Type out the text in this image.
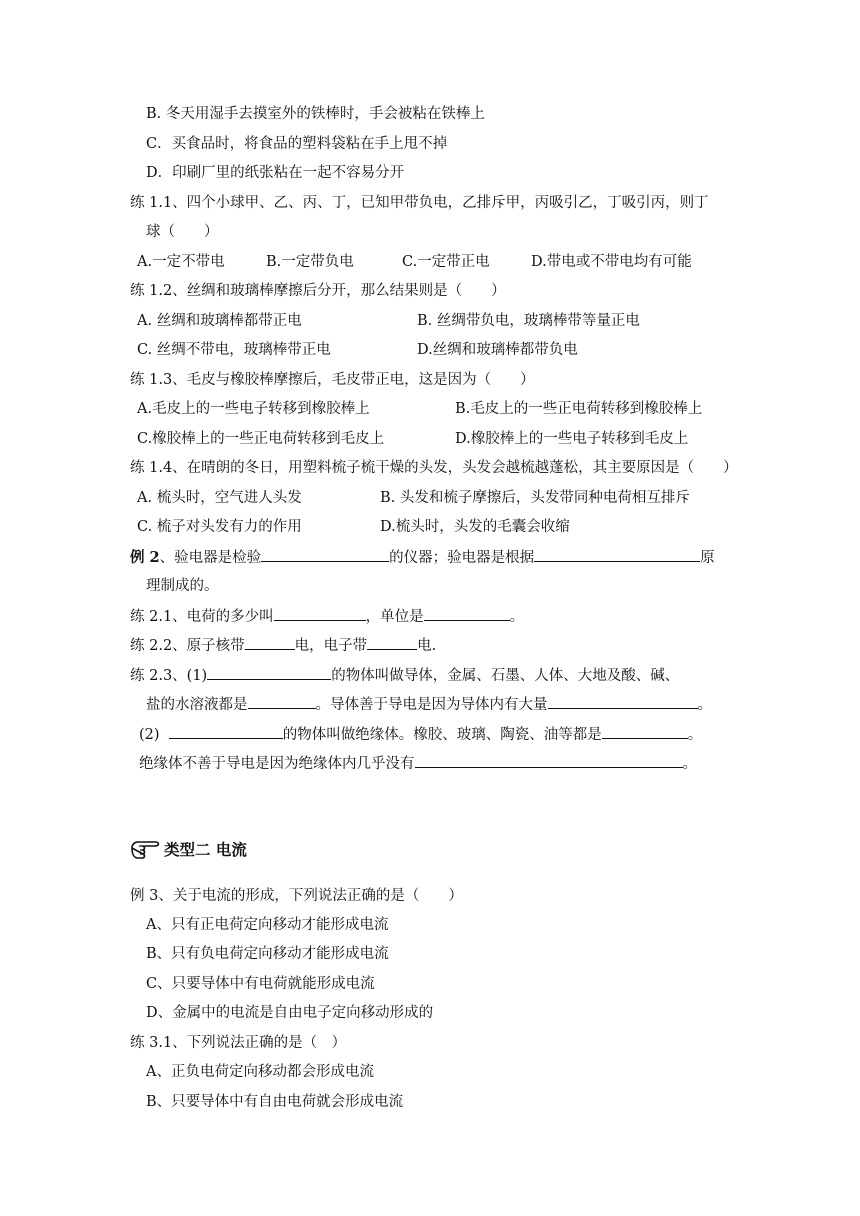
B. 冬天用湿手去摸室外的铁棒时，手会被粘在铁棒上
C．买食品时，将食品的塑料袋粘在手上甩不掉
D．印刷厂里的纸张粘在一起不容易分开
练 1.1、四个小球甲、乙、丙、丁，已知甲带负电，乙排斥甲，丙吸引乙，丁吸引丙，则丁
球（　　）
A.一定不带电	B.一定带负电	C.一定带正电	D.带电或不带电均有可能
练 1.2、丝绸和玻璃棒摩擦后分开，那么结果则是（　　）
A. 丝绸和玻璃棒都带正电	B. 丝绸带负电，玻璃棒带等量正电
C. 丝绸不带电，玻璃棒带正电	D.丝绸和玻璃棒都带负电
练 1.3、毛皮与橡胶棒摩擦后，毛皮带正电，这是因为（　　）
A.毛皮上的一些电子转移到橡胶棒上	B.毛皮上的一些正电荷转移到橡胶棒上
C.橡胶棒上的一些正电荷转移到毛皮上	D.橡胶棒上的一些电子转移到毛皮上
练 1.4、在晴朗的冬日，用塑料梳子梳干燥的头发，头发会越梳越蓬松，其主要原因是（　　）
A. 梳头时，空气进人头发	B. 头发和梳子摩擦后，头发带同种电荷相互排斥
C. 梳子对头发有力的作用	D.梳头时，头发的毛囊会收缩
例 2、验电器是检验	的仪器；验电器是根据	原
理制成的。
练 2.1、电荷的多少叫	，单位是	。
练 2.2、原子核带	电，电子带	电.
练 2.3、(1)	的物体叫做导体，金属、石墨、人体、大地及酸、碱、
盐的水溶液都是	。导体善于导电是因为导体内有大量	。
(2)	的物体叫做绝缘体。橡胶、玻璃、陶瓷、油等都是	。
绝缘体不善于导电是因为绝缘体内几乎没有	。
类型二 电流
例 3、关于电流的形成，下列说法正确的是（　　）
A、只有正电荷定向移动才能形成电流
B、只有负电荷定向移动才能形成电流
C、只要导体中有电荷就能形成电流
D、金属中的电流是自由电子定向移动形成的
练 3.1、下列说法正确的是（　）
A、正负电荷定向移动都会形成电流
B、只要导体中有自由电荷就会形成电流
